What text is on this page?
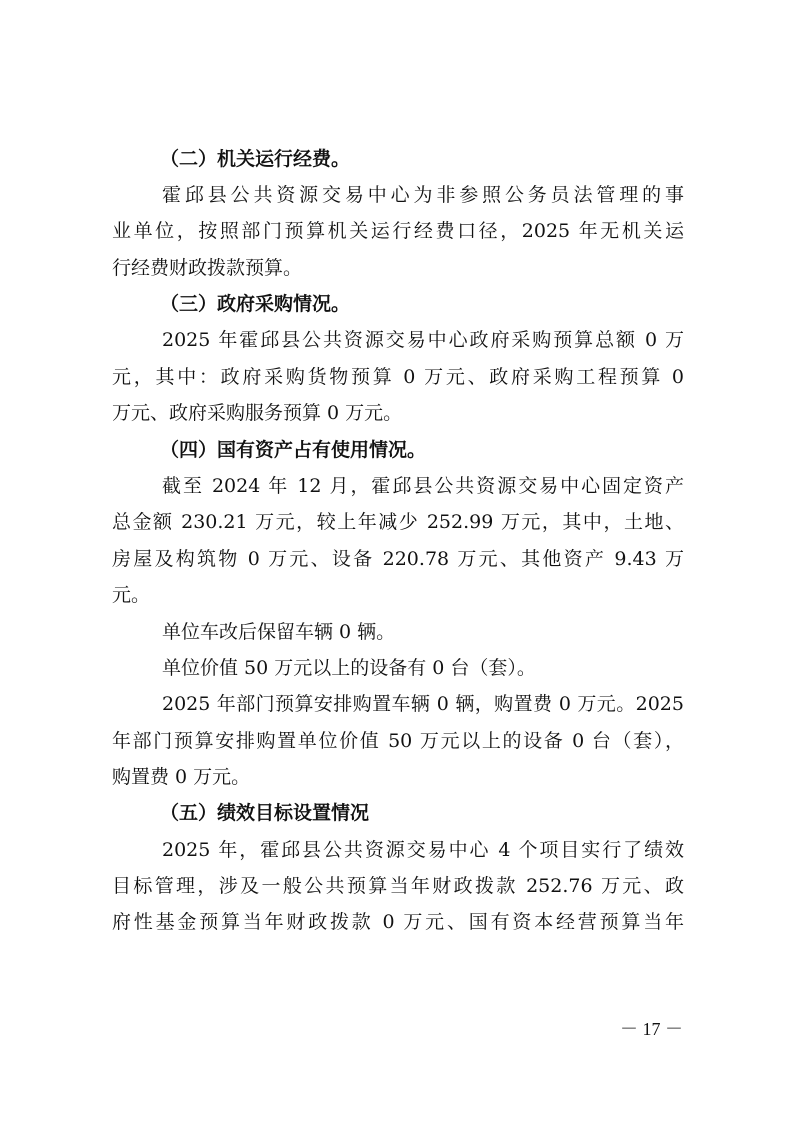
（二）机关运行经费。
霍邱县公共资源交易中心为非参照公务员法管理的事
业单位，按照部门预算机关运行经费口径，2025 年无机关运
行经费财政拨款预算。
（三）政府采购情况。
2025 年霍邱县公共资源交易中心政府采购预算总额 0 万
元，其中：政府采购货物预算 0 万元、政府采购工程预算 0
万元、政府采购服务预算 0 万元。
（四）国有资产占有使用情况。
截至 2024 年 12 月，霍邱县公共资源交易中心固定资产
总金额 230.21 万元，较上年减少 252.99 万元，其中，土地、
房屋及构筑物 0 万元、设备 220.78 万元、其他资产 9.43 万
元。
单位车改后保留车辆 0 辆。
单位价值 50 万元以上的设备有 0 台（套）。
2025 年部门预算安排购置车辆 0 辆，购置费 0 万元。2025
年部门预算安排购置单位价值 50 万元以上的设备 0 台（套），
购置费 0 万元。
（五）绩效目标设置情况
2025 年，霍邱县公共资源交易中心 4 个项目实行了绩效
目标管理，涉及一般公共预算当年财政拨款 252.76 万元、政
府性基金预算当年财政拨款 0 万元、国有资本经营预算当年
－ 17 －
